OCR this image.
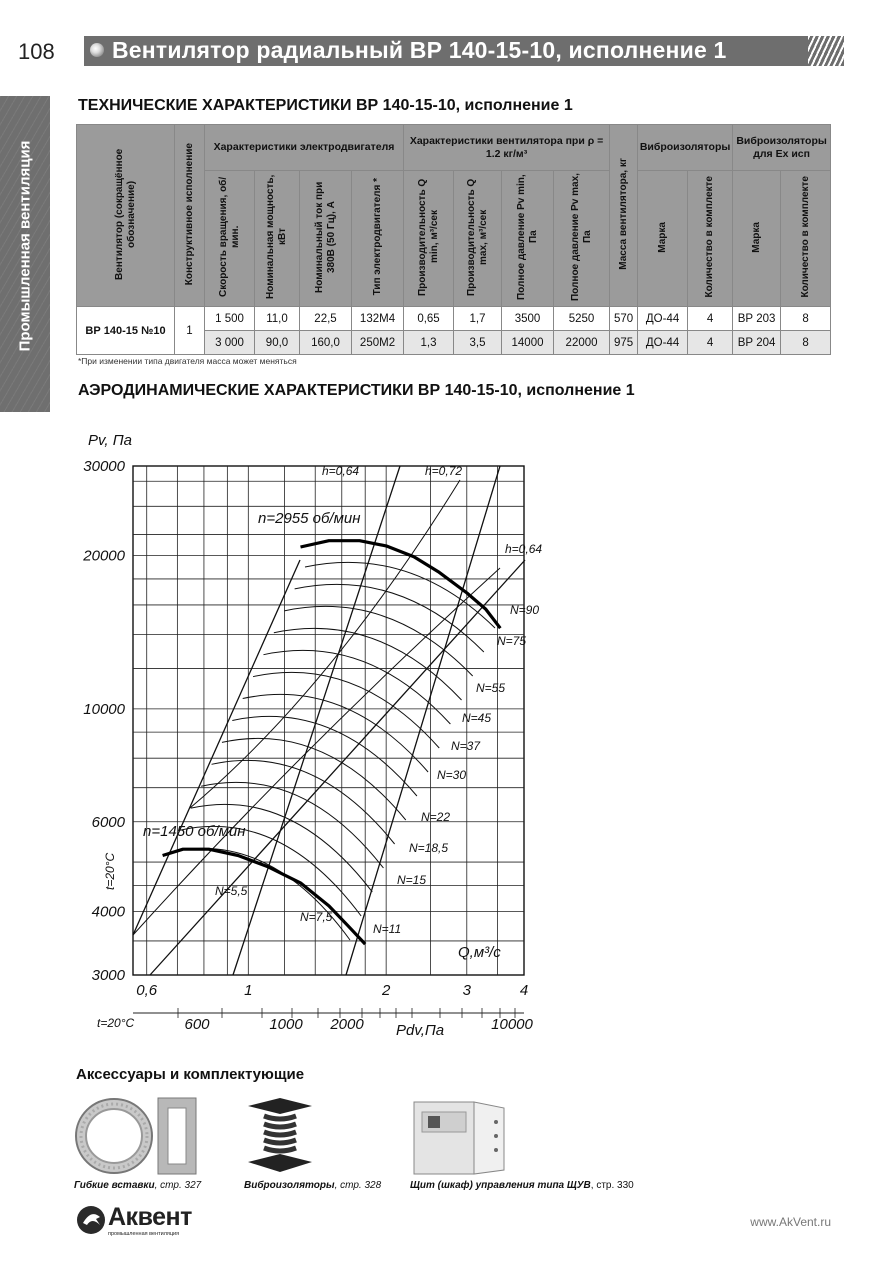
108 Вентилятор радиальный ВР 140-15-10, исполнение 1
Промышленная вентиляция
ТЕХНИЧЕСКИЕ ХАРАКТЕРИСТИКИ ВР 140-15-10, исполнение 1
Вентилятор (сокращённое обозначение)	Конструктивное исполнение	Характеристики электродвигателя				Характеристики вентилятора при ρ = 1.2 кг/м³				Масса вентилятора, кг	Виброизоляторы		Виброизоляторы для Ex исп	
		Скорость вращения, об/мин.	Номинальная мощность, кВт	Номинальный ток при 380В (50 Гц), А	Тип электродвигателя *	Производительность Q min, м³/сек	Производительность Q max, м³/сек	Полное давление Pv min, Па	Полное давление Pv max, Па		Марка	Количество в комплекте	Марка	Количество в комплекте
ВР 140-15 №10	1	1 500	11,0	22,5	132М4	0,65	1,7	3500	5250	570	ДО-44	4	ВР 203	8
		3 000	90,0	160,0	250М2	1,3	3,5	14000	22000	975	ДО-44	4	ВР 204	8
*При изменении типа двигателя масса может меняться
АЭРОДИНАМИЧЕСКИЕ ХАРАКТЕРИСТИКИ ВР 140-15-10, исполнение 1
3000
4000
6000
10000
20000
30000
0,6	1	2	3	4
Pv, Па
Q,м³/с
600	1000 2000	10000
Pdv,Па
t=20°C
t=20°C
n=2955 об/мин
n=1450 об/мин
h=0,64	h=0,72
h=0,64
N=90
N=75
N=55
N=45
N=37
N=30
N=22
N=18,5
N=15
N=11
N=7,5
N=5,5
Аксессуары и комплектующие
Гибкие вставки, стр. 327	Виброизоляторы, стр. 328	Щит (шкаф) управления типа ЩУВ, стр. 330
Аквент
промышленная вентиляция
www.AkVent.ru
